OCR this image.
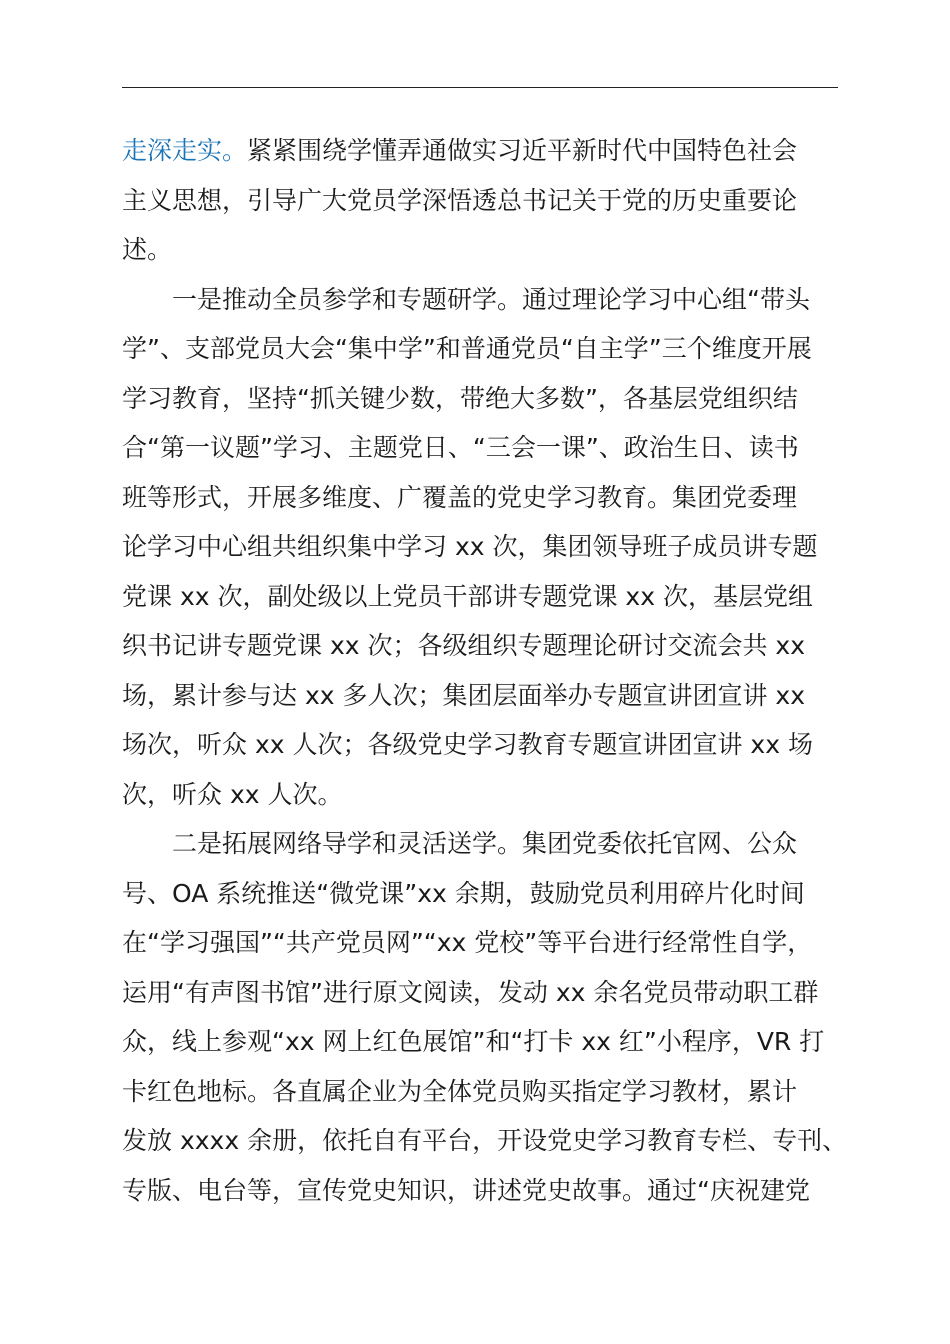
走深走实。紧紧围绕学懂弄通做实习近平新时代中国特色社会
主义思想，引导广大党员学深悟透总书记关于党的历史重要论
述。
一是推动全员参学和专题研学。通过理论学习中心组“带头
学”、支部党员大会“集中学”和普通党员“自主学”三个维度开展
学习教育，坚持“抓关键少数，带绝大多数”，各基层党组织结
合“第一议题”学习、主题党日、“三会一课”、政治生日、读书
班等形式，开展多维度、广覆盖的党史学习教育。集团党委理
论学习中心组共组织集中学习 xx 次，集团领导班子成员讲专题
党课 xx 次，副处级以上党员干部讲专题党课 xx 次，基层党组
织书记讲专题党课 xx 次；各级组织专题理论研讨交流会共 xx
场，累计参与达 xx 多人次；集团层面举办专题宣讲团宣讲 xx
场次，听众 xx 人次；各级党史学习教育专题宣讲团宣讲 xx 场
次，听众 xx 人次。
二是拓展网络导学和灵活送学。集团党委依托官网、公众
号、OA 系统推送“微党课”xx 余期，鼓励党员利用碎片化时间
在“学习强国”“共产党员网”“xx 党校”等平台进行经常性自学，
运用“有声图书馆”进行原文阅读，发动 xx 余名党员带动职工群
众，线上参观“xx 网上红色展馆”和“打卡 xx 红”小程序，VR 打
卡红色地标。各直属企业为全体党员购买指定学习教材，累计
发放 xxxx 余册，依托自有平台，开设党史学习教育专栏、专刊、
专版、电台等，宣传党史知识，讲述党史故事。通过“庆祝建党
